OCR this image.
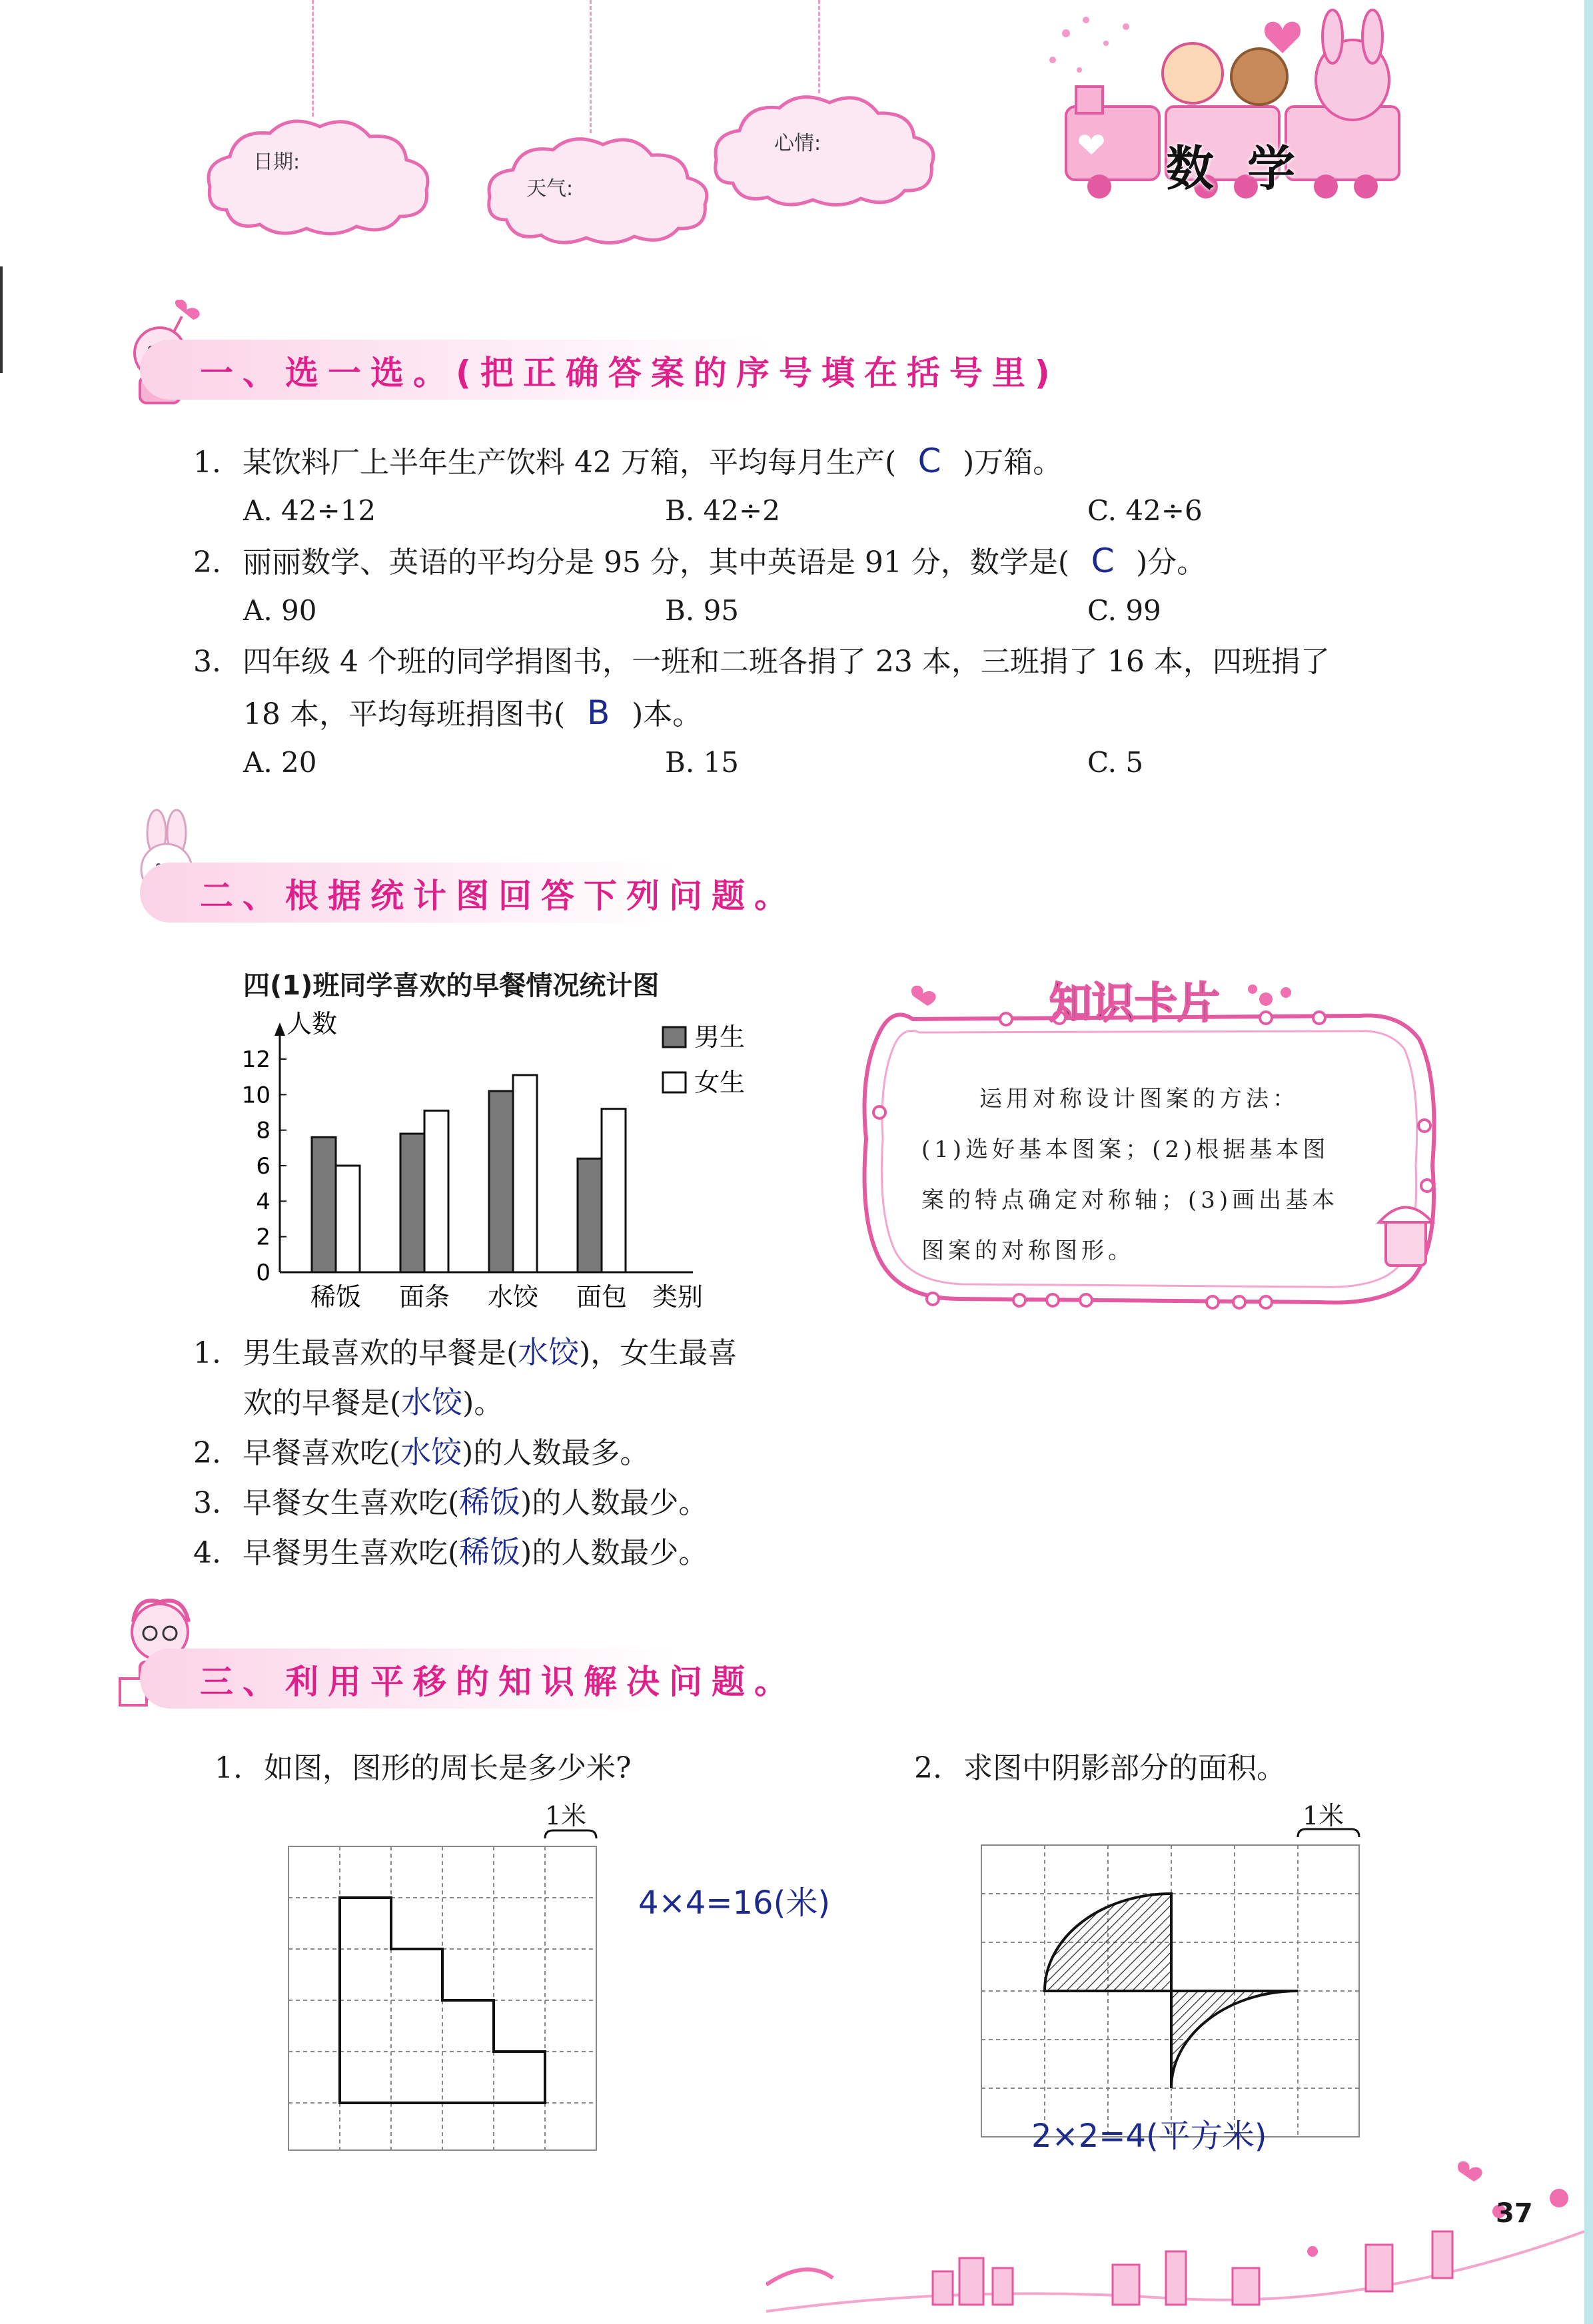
日期:
天气:
心情:	数  学
一、选一选。(把正确答案的序号填在括号里)
1. 某饮料厂上半年生产饮料 42 万箱，平均每月生产( C )万箱。
A. 42÷12	B. 42÷2	C. 42÷6
2. 丽丽数学、英语的平均分是 95 分，其中英语是 91 分，数学是( C )分。
A. 90	B. 95	C. 99
3. 四年级 4 个班的同学捐图书，一班和二班各捐了 23 本，三班捐了 16 本，四班捐了
18 本，平均每班捐图书( B )本。
A. 20	B. 15	C. 5
二、根据统计图回答下列问题。
四(1)班同学喜欢的早餐情况统计图
人数
0
2
4
6
8
10
12
稀饭 面条 水饺 面包 类别
男生
女生
知识卡片
运用对称设计图案的方法：
(1)选好基本图案；(2)根据基本图
案的特点确定对称轴；(3)画出基本
图案的对称图形。
1. 男生最喜欢的早餐是(水饺)，女生最喜
欢的早餐是(水饺)。
2. 早餐喜欢吃(水饺)的人数最多。
3. 早餐女生喜欢吃(稀饭)的人数最少。
4. 早餐男生喜欢吃(稀饭)的人数最少。
三、利用平移的知识解决问题。
1. 如图，图形的周长是多少米?	2. 求图中阴影部分的面积。
1米
4×4=16(米)
1米
2×2=4(平方米)
37
